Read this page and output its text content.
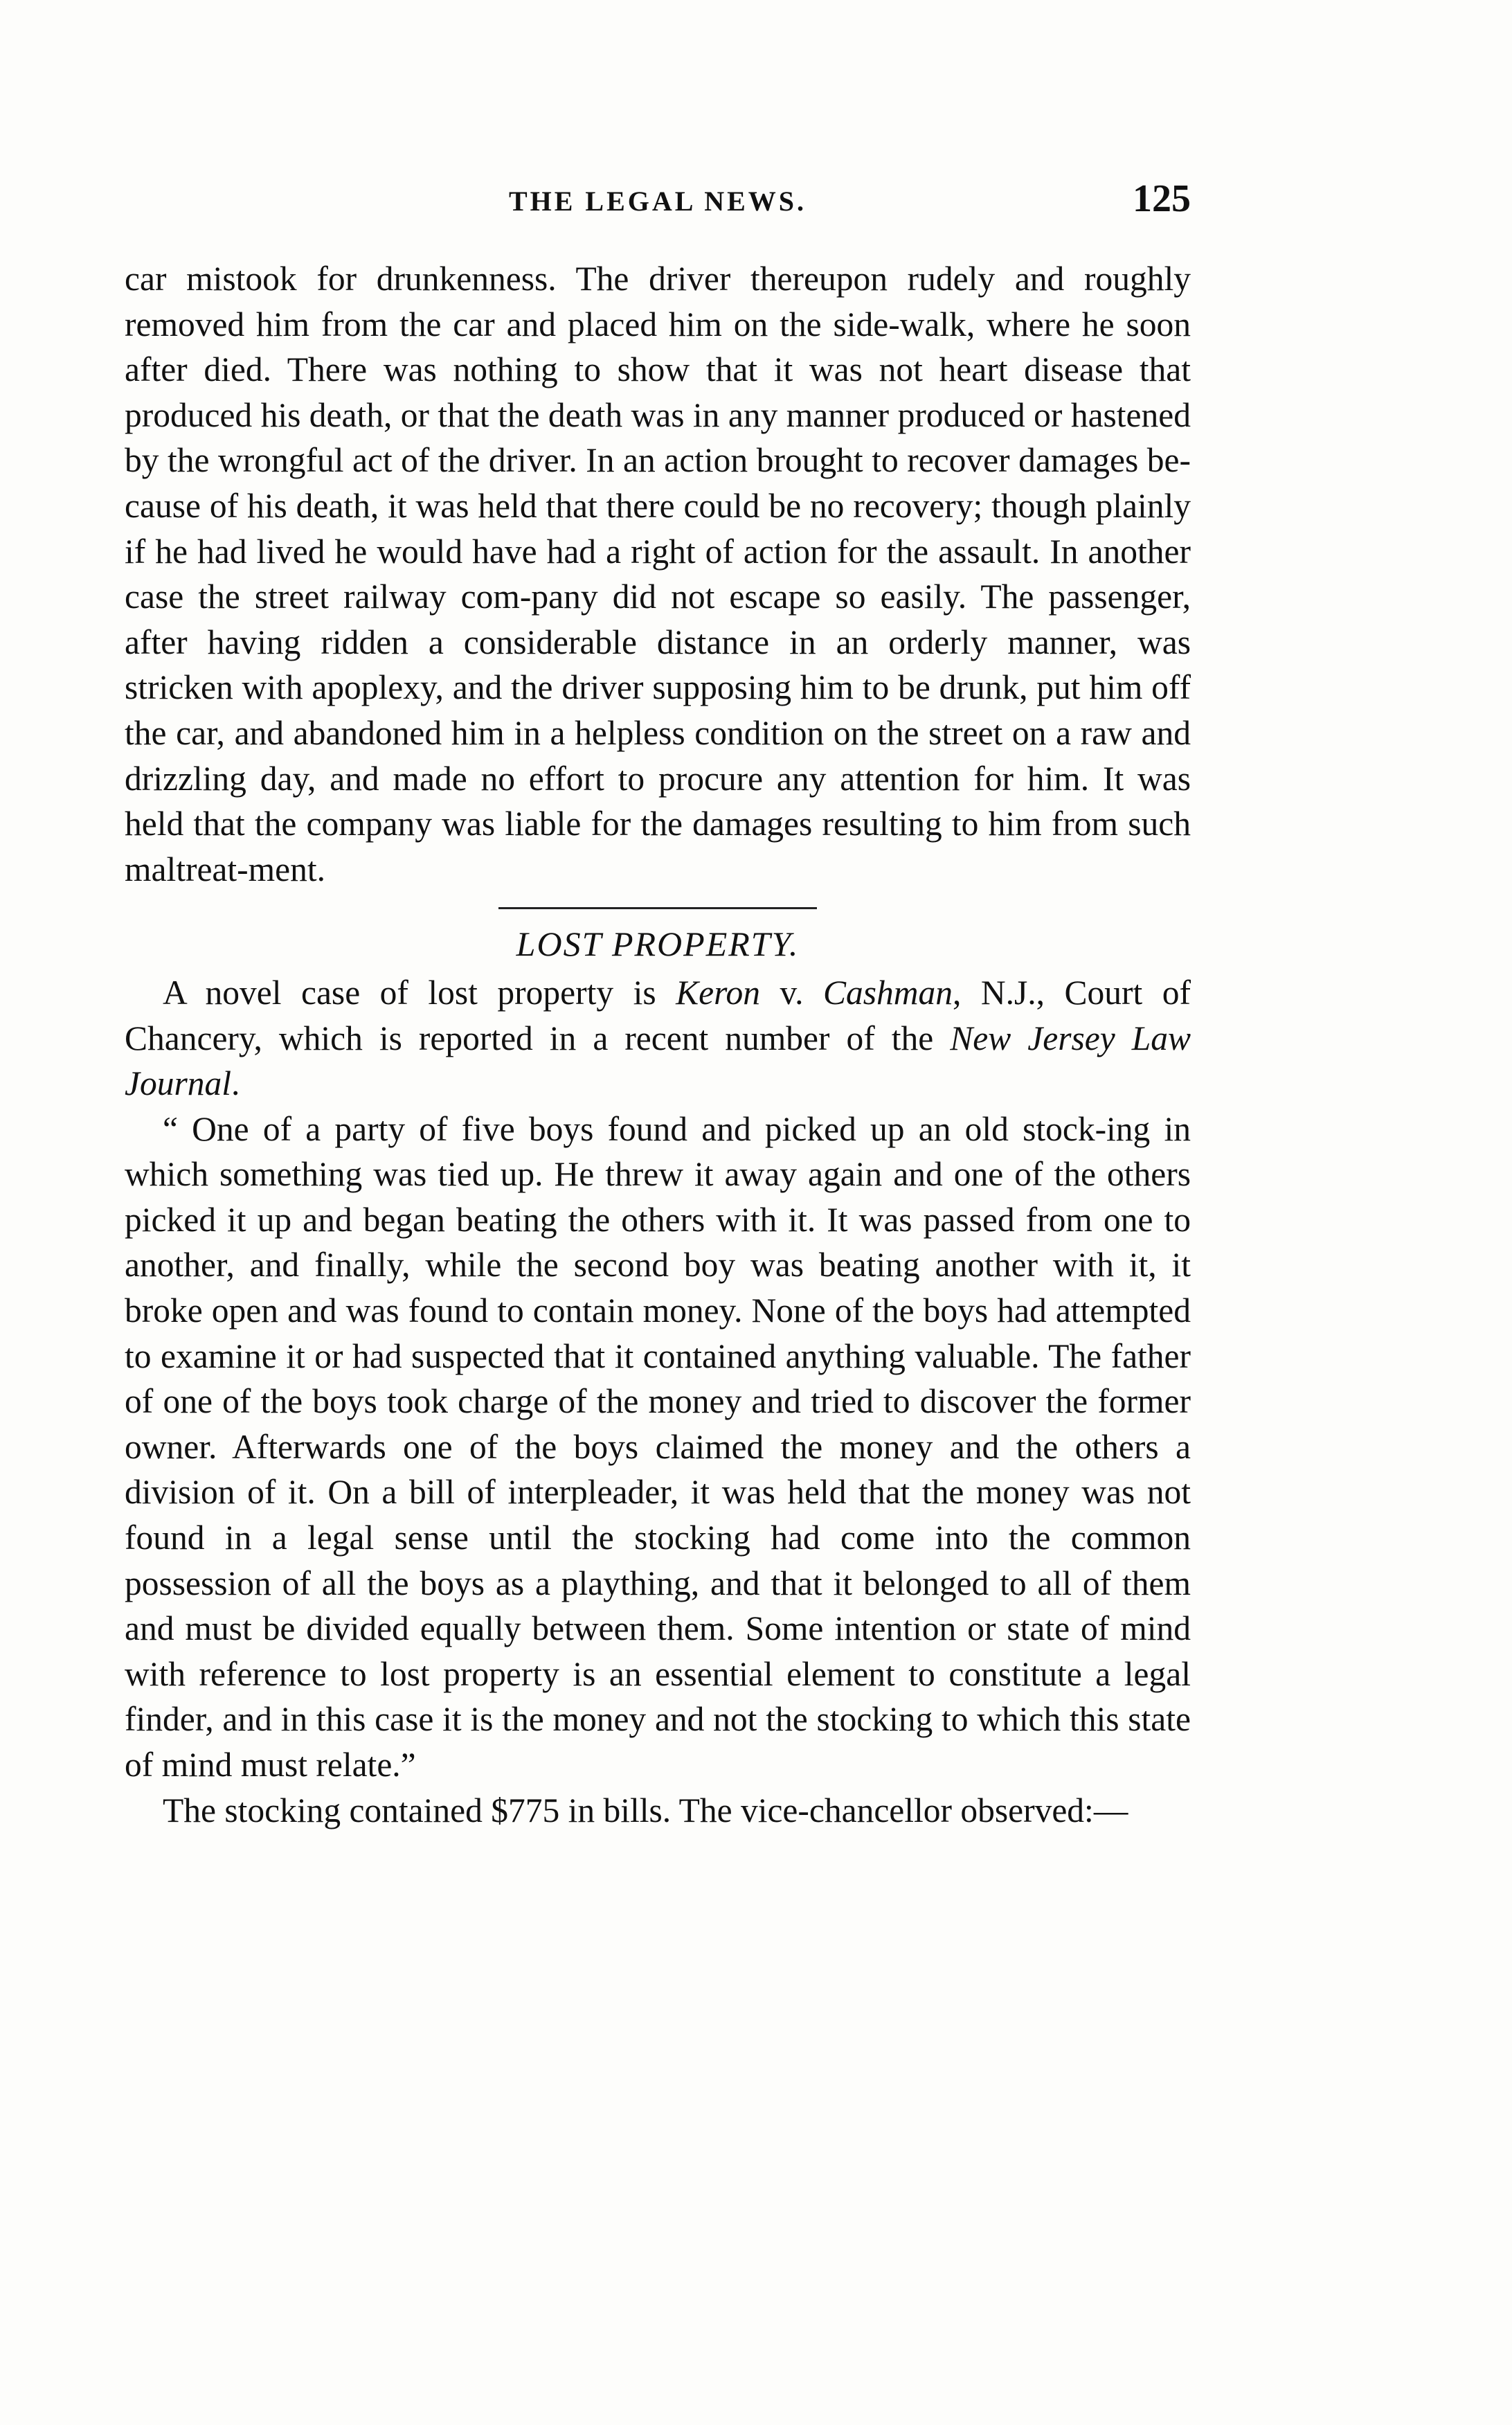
THE LEGAL NEWS.	125

car mistook for drunkenness. The driver thereupon rudely and roughly removed him from the car and placed him on the side-walk, where he soon after died. There was nothing to show that it was not heart disease that produced his death, or that the death was in any manner produced or hastened by the wrongful act of the driver. In an action brought to recover damages be-cause of his death, it was held that there could be no recovery; though plainly if he had lived he would have had a right of action for the assault. In another case the street railway com-pany did not escape so easily. The passenger, after having ridden a considerable distance in an orderly manner, was stricken with apoplexy, and the driver supposing him to be drunk, put him off the car, and abandoned him in a helpless condition on the street on a raw and drizzling day, and made no effort to procure any attention for him. It was held that the company was liable for the damages resulting to him from such maltreat-ment.

LOST PROPERTY.

A novel case of lost property is Keron v. Cashman, N.J., Court of Chancery, which is reported in a recent number of the New Jersey Law Journal.

“ One of a party of five boys found and picked up an old stock-ing in which something was tied up. He threw it away again and one of the others picked it up and began beating the others with it. It was passed from one to another, and finally, while the second boy was beating another with it, it broke open and was found to contain money. None of the boys had attempted to examine it or had suspected that it contained anything valuable. The father of one of the boys took charge of the money and tried to discover the former owner. Afterwards one of the boys claimed the money and the others a division of it. On a bill of interpleader, it was held that the money was not found in a legal sense until the stocking had come into the common possession of all the boys as a plaything, and that it belonged to all of them and must be divided equally between them. Some intention or state of mind with reference to lost property is an essential element to constitute a legal finder, and in this case it is the money and not the stocking to which this state of mind must relate.”

The stocking contained $775 in bills. The vice-chancellor observed:—
